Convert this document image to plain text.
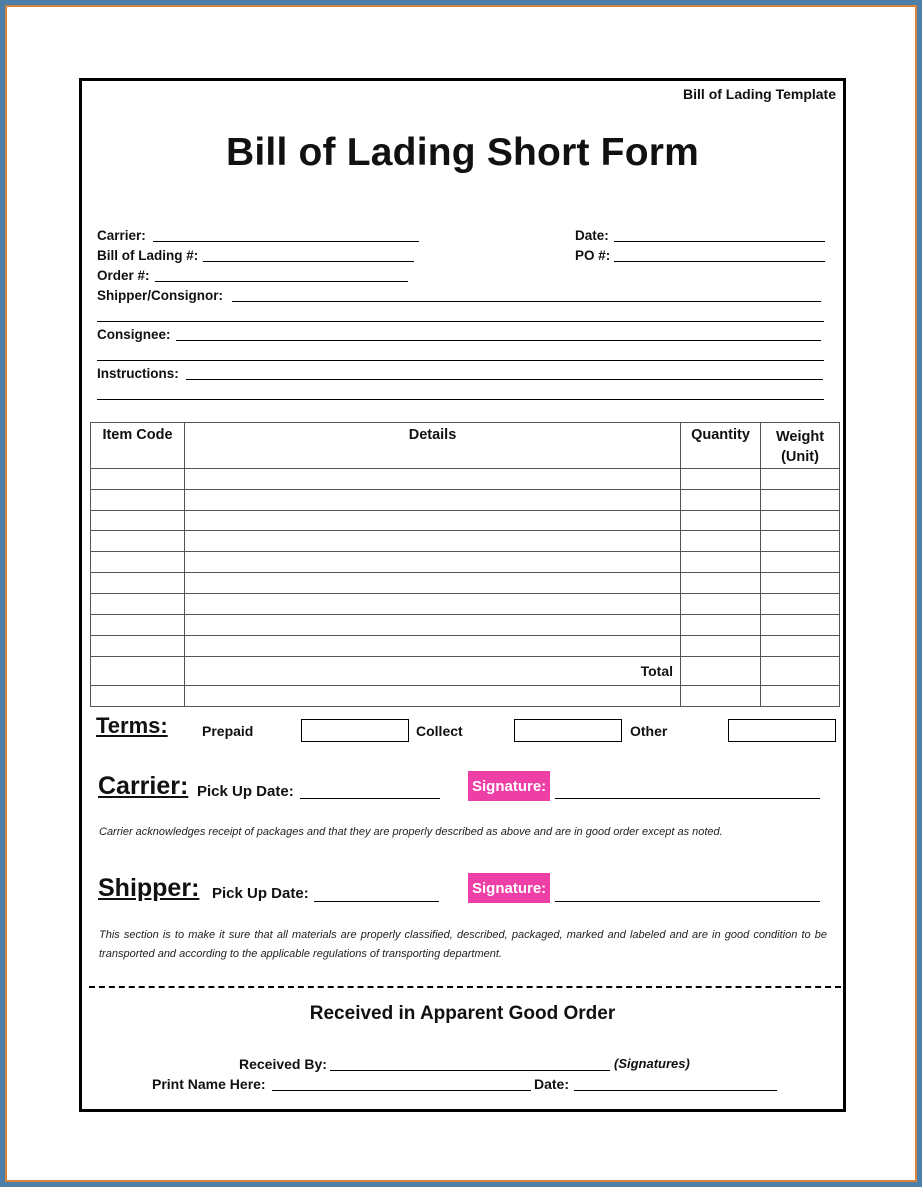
Bill of Lading Template
Bill of Lading Short Form
Carrier:
Bill of Lading #:
Order #:
Date:
PO #:
Shipper/Consignor:
Consignee:
Instructions:
Item Code	Details	Quantity	Weight (Unit)

	Total		

Terms: Prepaid	Collect	Other
Carrier: Pick Up Date:	Signature:
Carrier acknowledges receipt of packages and that they are properly described as above and are in good order except as noted.
Shipper: Pick Up Date:	Signature:
This section is to make it sure that all materials are properly classified, described, packaged, marked and labeled and are in good condition to be transported and according to the applicable regulations of transporting department.
Received in Apparent Good Order
Received By:	(Signatures)
Print Name Here:	Date:
